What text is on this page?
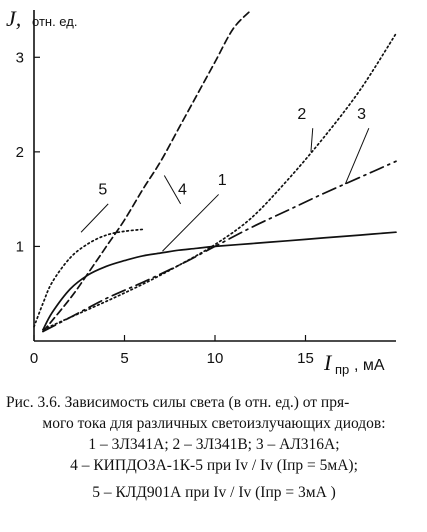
0	5	10	15
1
2
3
5	4
1
2	3
J, отн. ед.
I пр , мА
Рис. 3.6. Зависимость силы света (в отн. ед.) от пря-
мого тока для различных светоизлучающих диодов:
1 – 3Л341А; 2 – 3Л341В; 3 – АЛ316А;
4 – КИПДОЗА-1К-5 при Iv / Iv (Iпр = 5мА);
5 – КЛД901А при Iv / Iv (Iпр = 3мА )
